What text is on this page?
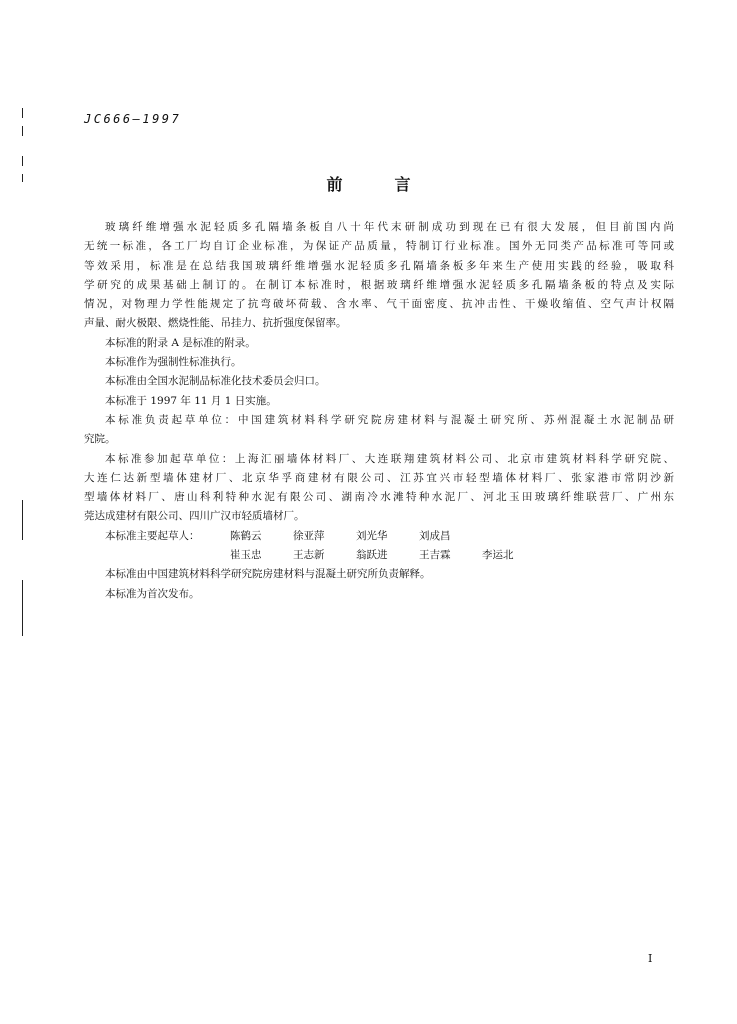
JC666—1997
前言
玻璃纤维增强水泥轻质多孔隔墙条板自八十年代末研制成功到现在已有很大发展，但目前国内尚
无统一标准，各工厂均自订企业标准，为保证产品质量，特制订行业标准。国外无同类产品标准可等同或
等效采用，标准是在总结我国玻璃纤维增强水泥轻质多孔隔墙条板多年来生产使用实践的经验，吸取科
学研究的成果基础上制订的。在制订本标准时，根据玻璃纤维增强水泥轻质多孔隔墙条板的特点及实际
情况，对物理力学性能规定了抗弯破坏荷载、含水率、气干面密度、抗冲击性、干燥收缩值、空气声计权隔
声量、耐火极限、燃烧性能、吊挂力、抗折强度保留率。
本标准的附录 A 是标准的附录。
本标准作为强制性标准执行。
本标准由全国水泥制品标准化技术委员会归口。
本标准于 1997 年 11 月 1 日实施。
本标准负责起草单位：中国建筑材料科学研究院房建材料与混凝土研究所、苏州混凝土水泥制品研
究院。
本标准参加起草单位：上海汇丽墙体材料厂、大连联翔建筑材料公司、北京市建筑材料科学研究院、
大连仁达新型墙体建材厂、北京华孚商建材有限公司、江苏宜兴市轻型墙体材料厂、张家港市常阴沙新
型墙体材料厂、唐山科利特种水泥有限公司、湖南冷水滩特种水泥厂、河北玉田玻璃纤维联营厂、广州东
莞达成建材有限公司、四川广汉市轻质墙材厂。
本标准主要起草人：	陈鹤云	徐亚萍	刘光华	刘成昌
崔玉忠	王志新	翁跃进	王吉霖	李运北
本标准由中国建筑材料科学研究院房建材料与混凝土研究所负责解释。
本标准为首次发布。
I
